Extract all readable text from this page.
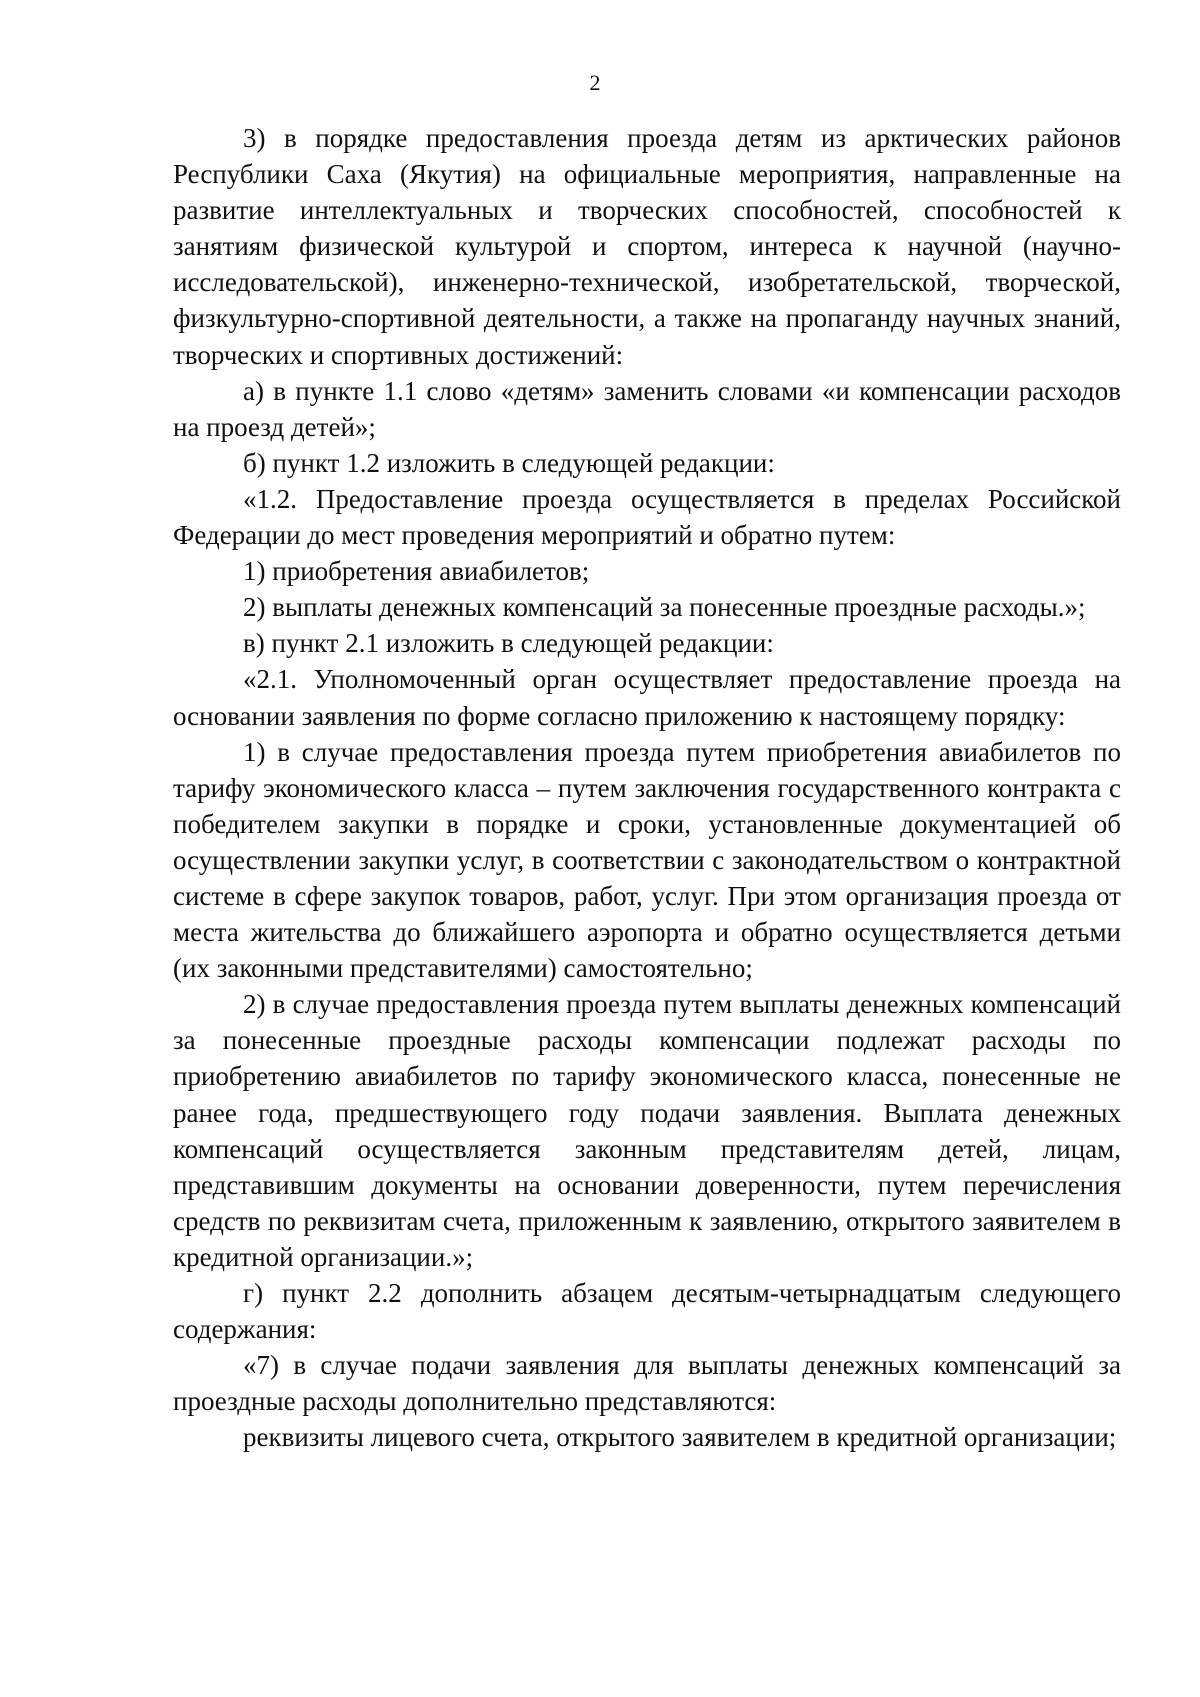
2

3) в порядке предоставления проезда детям из арктических районов Республики Саха (Якутия) на официальные мероприятия, направленные на развитие интеллектуальных и творческих способностей, способностей к занятиям физической культурой и спортом, интереса к научной (научно-исследовательской), инженерно-технической, изобретательской, творческой, физкультурно-спортивной деятельности, а также на пропаганду научных знаний, творческих и спортивных достижений:

а) в пункте 1.1 слово «детям» заменить словами «и компенсации расходов на проезд детей»;

б) пункт 1.2 изложить в следующей редакции:

«1.2. Предоставление проезда осуществляется в пределах Российской Федерации до мест проведения мероприятий и обратно путем:

1) приобретения авиабилетов;

2) выплаты денежных компенсаций за понесенные проездные расходы.»;

в) пункт 2.1 изложить в следующей редакции:

«2.1. Уполномоченный орган осуществляет предоставление проезда на основании заявления по форме согласно приложению к настоящему порядку:

1) в случае предоставления проезда путем приобретения авиабилетов по тарифу экономического класса – путем заключения государственного контракта с победителем закупки в порядке и сроки, установленные документацией об осуществлении закупки услуг, в соответствии с законодательством о контрактной системе в сфере закупок товаров, работ, услуг. При этом организация проезда от места жительства до ближайшего аэропорта и обратно осуществляется детьми (их законными представителями) самостоятельно;

2) в случае предоставления проезда путем выплаты денежных компенсаций за понесенные проездные расходы компенсации подлежат расходы по приобретению авиабилетов по тарифу экономического класса, понесенные не ранее года, предшествующего году подачи заявления. Выплата денежных компенсаций осуществляется законным представителям детей, лицам, представившим документы на основании доверенности, путем перечисления средств по реквизитам счета, приложенным к заявлению, открытого заявителем в кредитной организации.»;

г) пункт 2.2 дополнить абзацем десятым-четырнадцатым следующего содержания:

«7) в случае подачи заявления для выплаты денежных компенсаций за проездные расходы дополнительно представляются:

реквизиты лицевого счета, открытого заявителем в кредитной организации;
